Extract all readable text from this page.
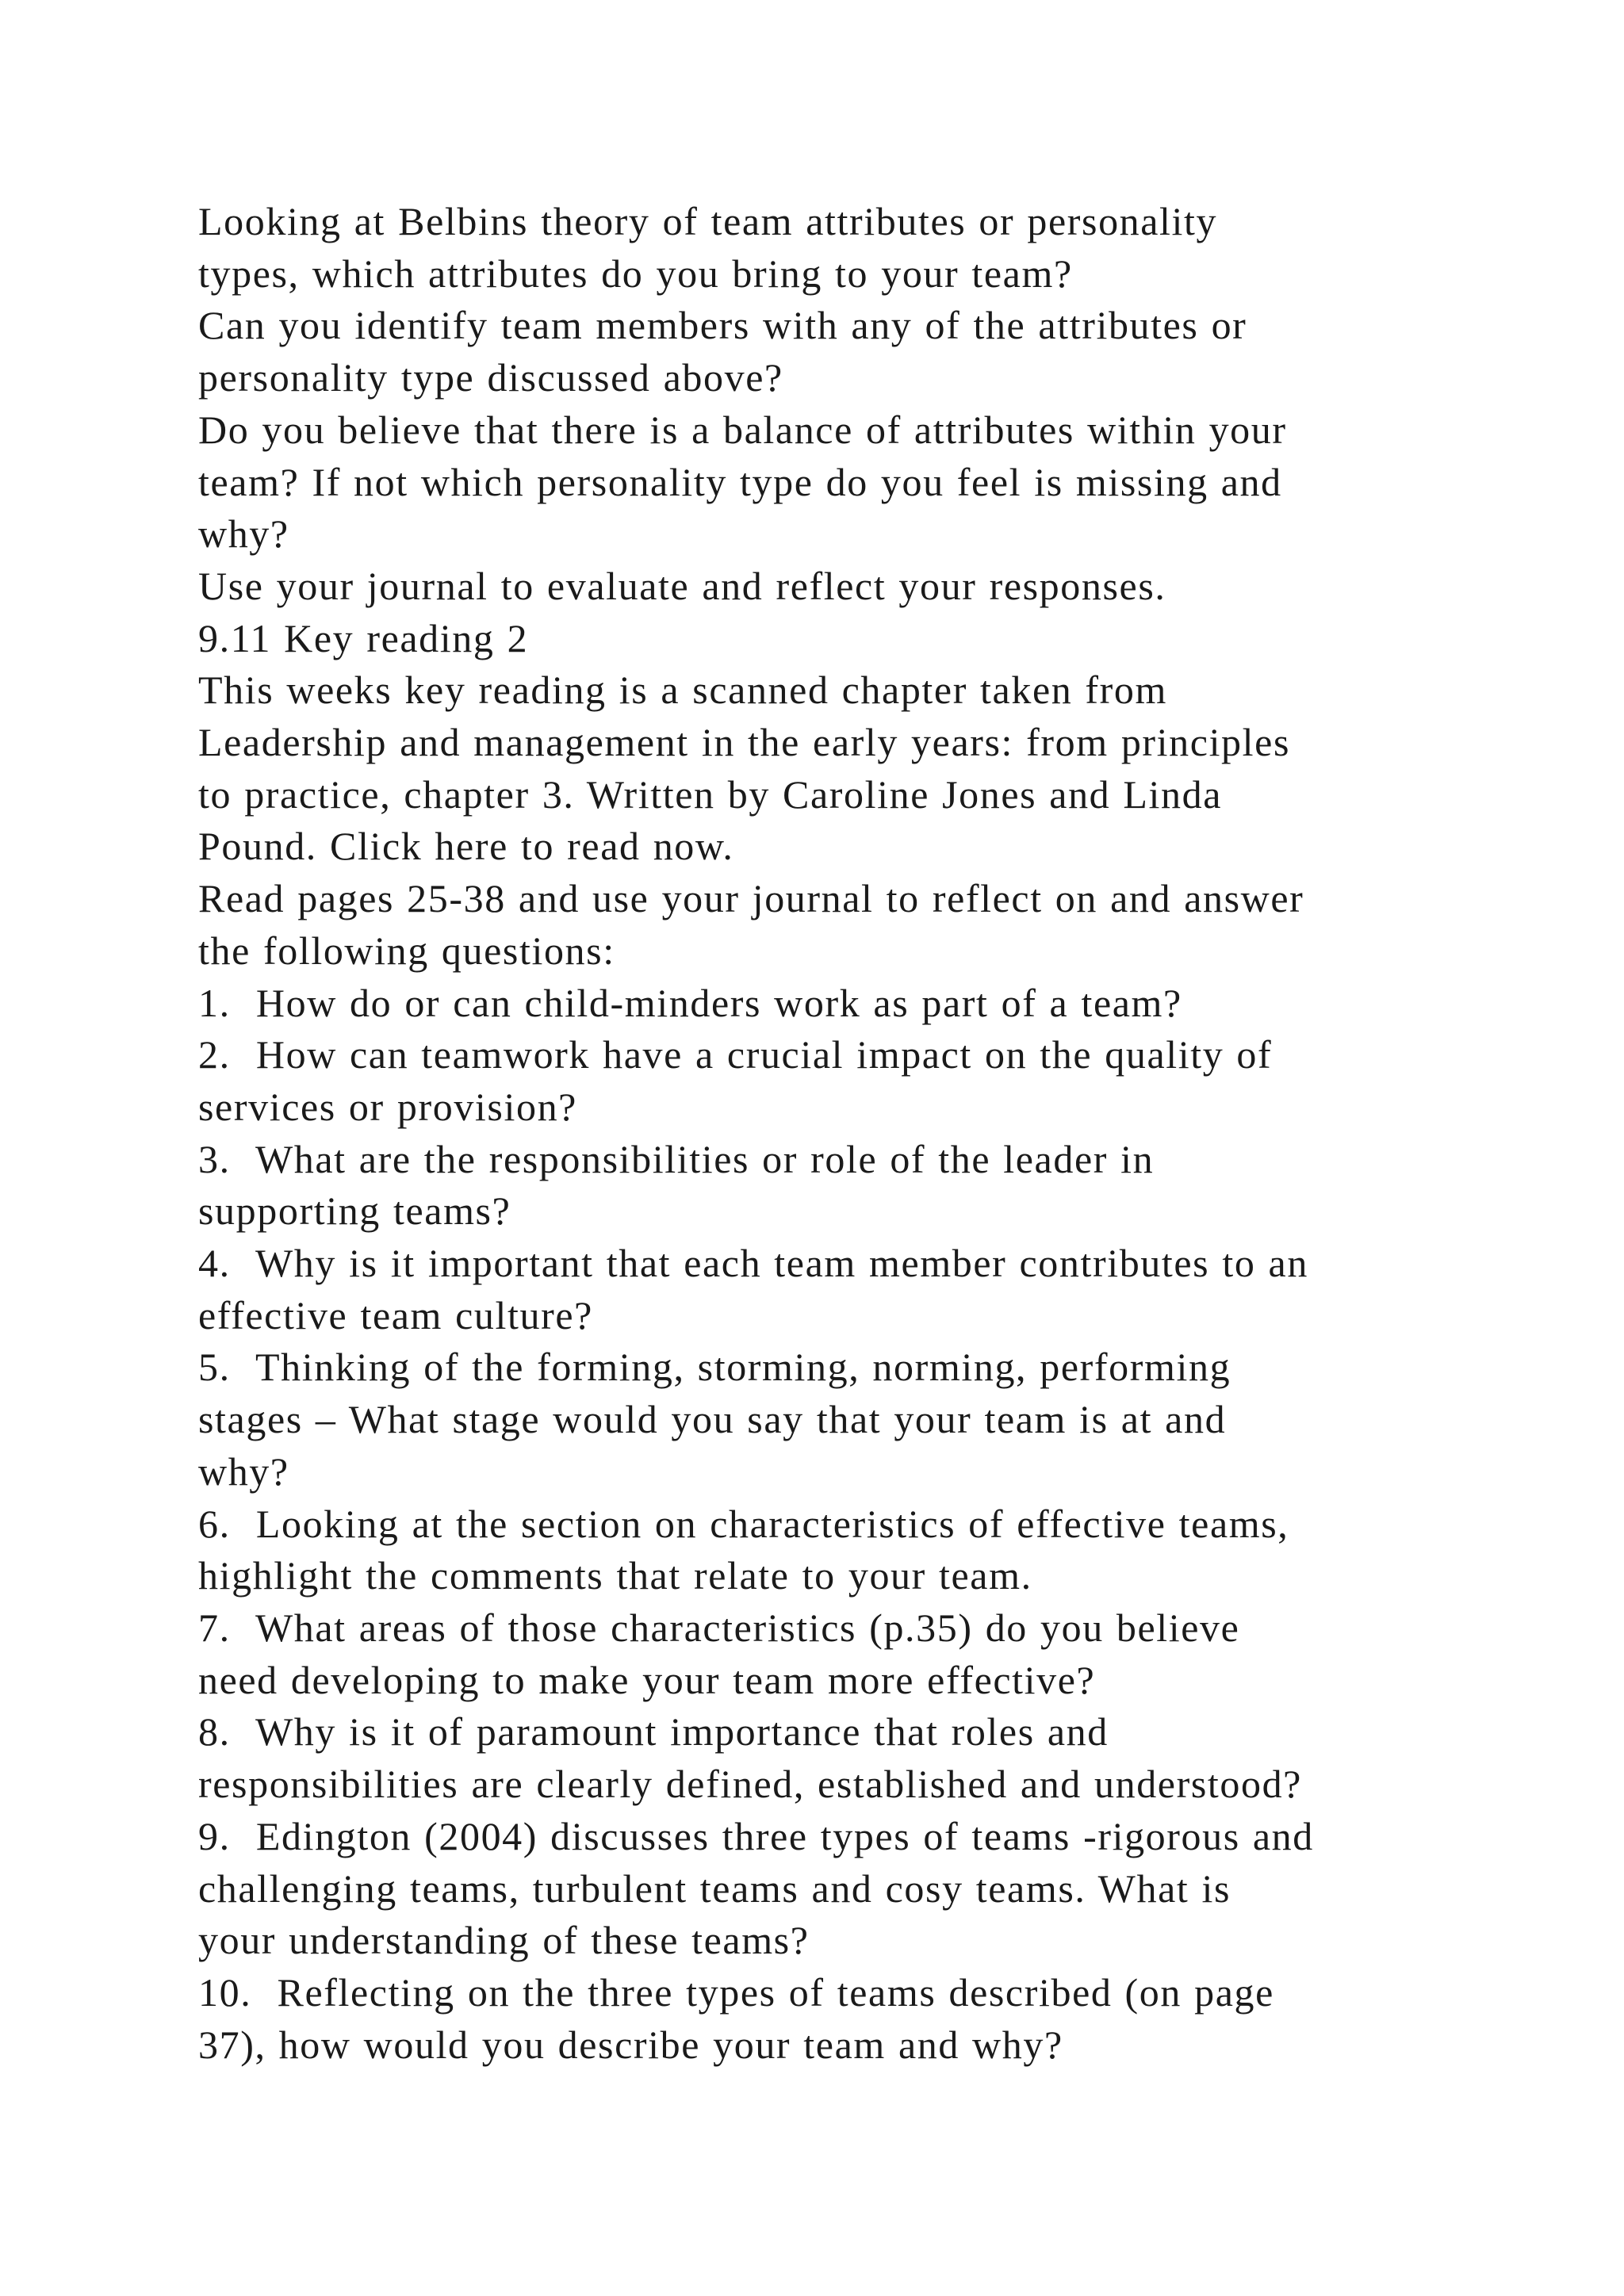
Looking at Belbins theory of team attributes or personality
types, which attributes do you bring to your team?
Can you identify team members with any of the attributes or
personality type discussed above?
Do you believe that there is a balance of attributes within your
team? If not which personality type do you feel is missing and
why?
Use your journal to evaluate and reflect your responses.
9.11 Key reading 2
This weeks key reading is a scanned chapter taken from
Leadership and management in the early years: from principles
to practice, chapter 3. Written by Caroline Jones and Linda
Pound. Click here to read now.
Read pages 25-38 and use your journal to reflect on and answer
the following questions:
1.  How do or can child-minders work as part of a team?
2.  How can teamwork have a crucial impact on the quality of
services or provision?
3.  What are the responsibilities or role of the leader in
supporting teams?
4.  Why is it important that each team member contributes to an
effective team culture?
5.  Thinking of the forming, storming, norming, performing
stages – What stage would you say that your team is at and
why?
6.  Looking at the section on characteristics of effective teams,
highlight the comments that relate to your team.
7.  What areas of those characteristics (p.35) do you believe
need developing to make your team more effective?
8.  Why is it of paramount importance that roles and
responsibilities are clearly defined, established and understood?
9.  Edington (2004) discusses three types of teams -rigorous and
challenging teams, turbulent teams and cosy teams. What is
your understanding of these teams?
10.  Reflecting on the three types of teams described (on page
37), how would you describe your team and why?
